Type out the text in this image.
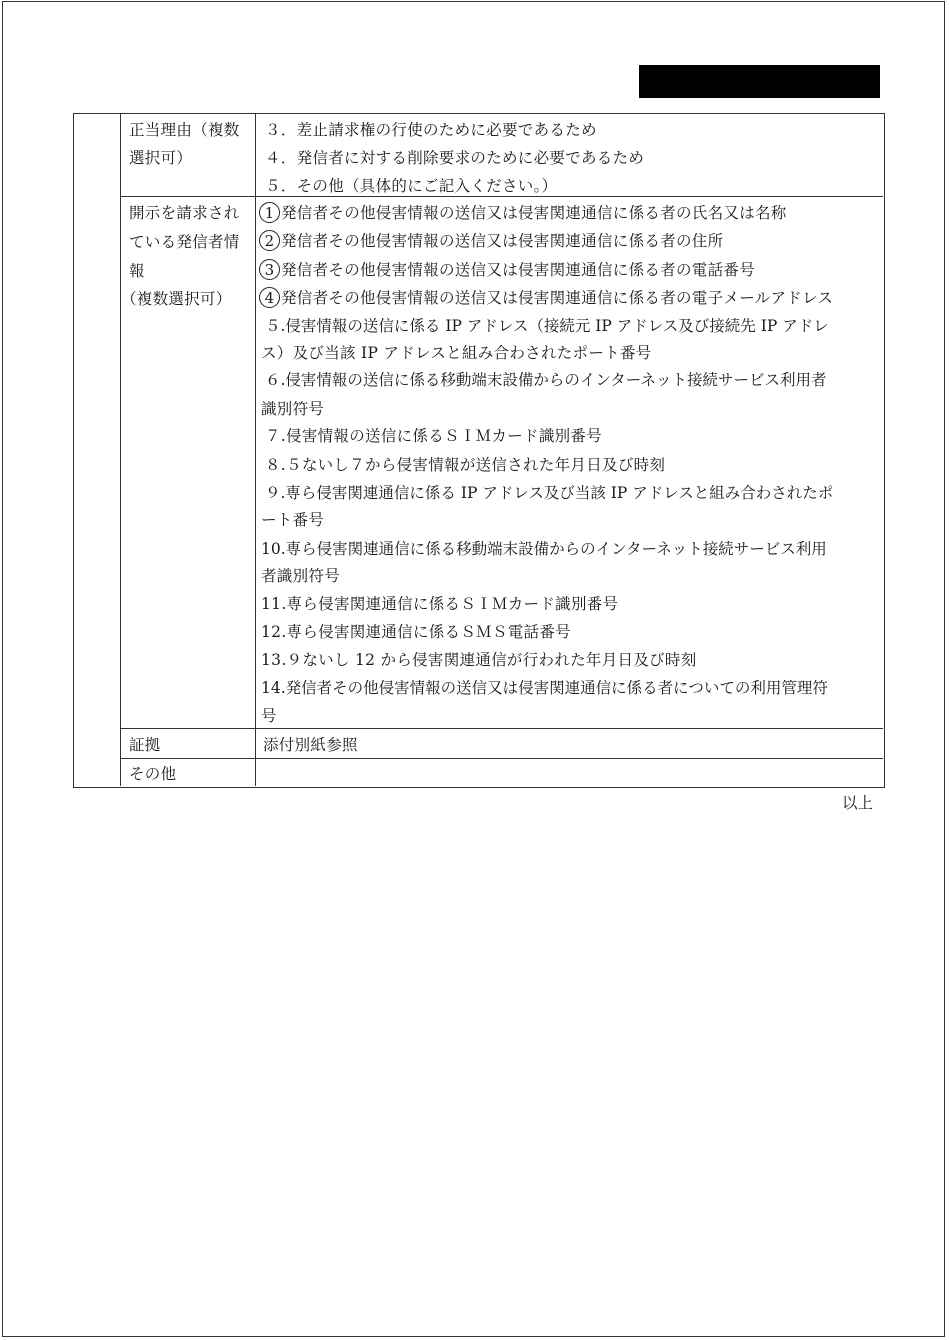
正当理由（複数
選択可）
３．差止請求権の行使のために必要であるため
４．発信者に対する削除要求のために必要であるため
５．その他（具体的にご記入ください。）
開示を請求され
ている発信者情
報
（複数選択可）
1 発信者その他侵害情報の送信又は侵害関連通信に係る者の氏名又は名称
2 発信者その他侵害情報の送信又は侵害関連通信に係る者の住所
3 発信者その他侵害情報の送信又は侵害関連通信に係る者の電話番号
4 発信者その他侵害情報の送信又は侵害関連通信に係る者の電子メールアドレス
５.侵害情報の送信に係る IP アドレス（接続元 IP アドレス及び接続先 IP アドレ
ス）及び当該 IP アドレスと組み合わされたポート番号
６.侵害情報の送信に係る移動端末設備からのインターネット接続サービス利用者
識別符号
７.侵害情報の送信に係るＳＩＭカード識別番号
８.５ないし７から侵害情報が送信された年月日及び時刻
９.専ら侵害関連通信に係る IP アドレス及び当該 IP アドレスと組み合わされたポ
ート番号
10.専ら侵害関連通信に係る移動端末設備からのインターネット接続サービス利用
者識別符号
11.専ら侵害関連通信に係るＳＩＭカード識別番号
12.専ら侵害関連通信に係るＳＭＳ電話番号
13.９ないし 12 から侵害関連通信が行われた年月日及び時刻
14.発信者その他侵害情報の送信又は侵害関連通信に係る者についての利用管理符
号
証拠	添付別紙参照
その他
以上
